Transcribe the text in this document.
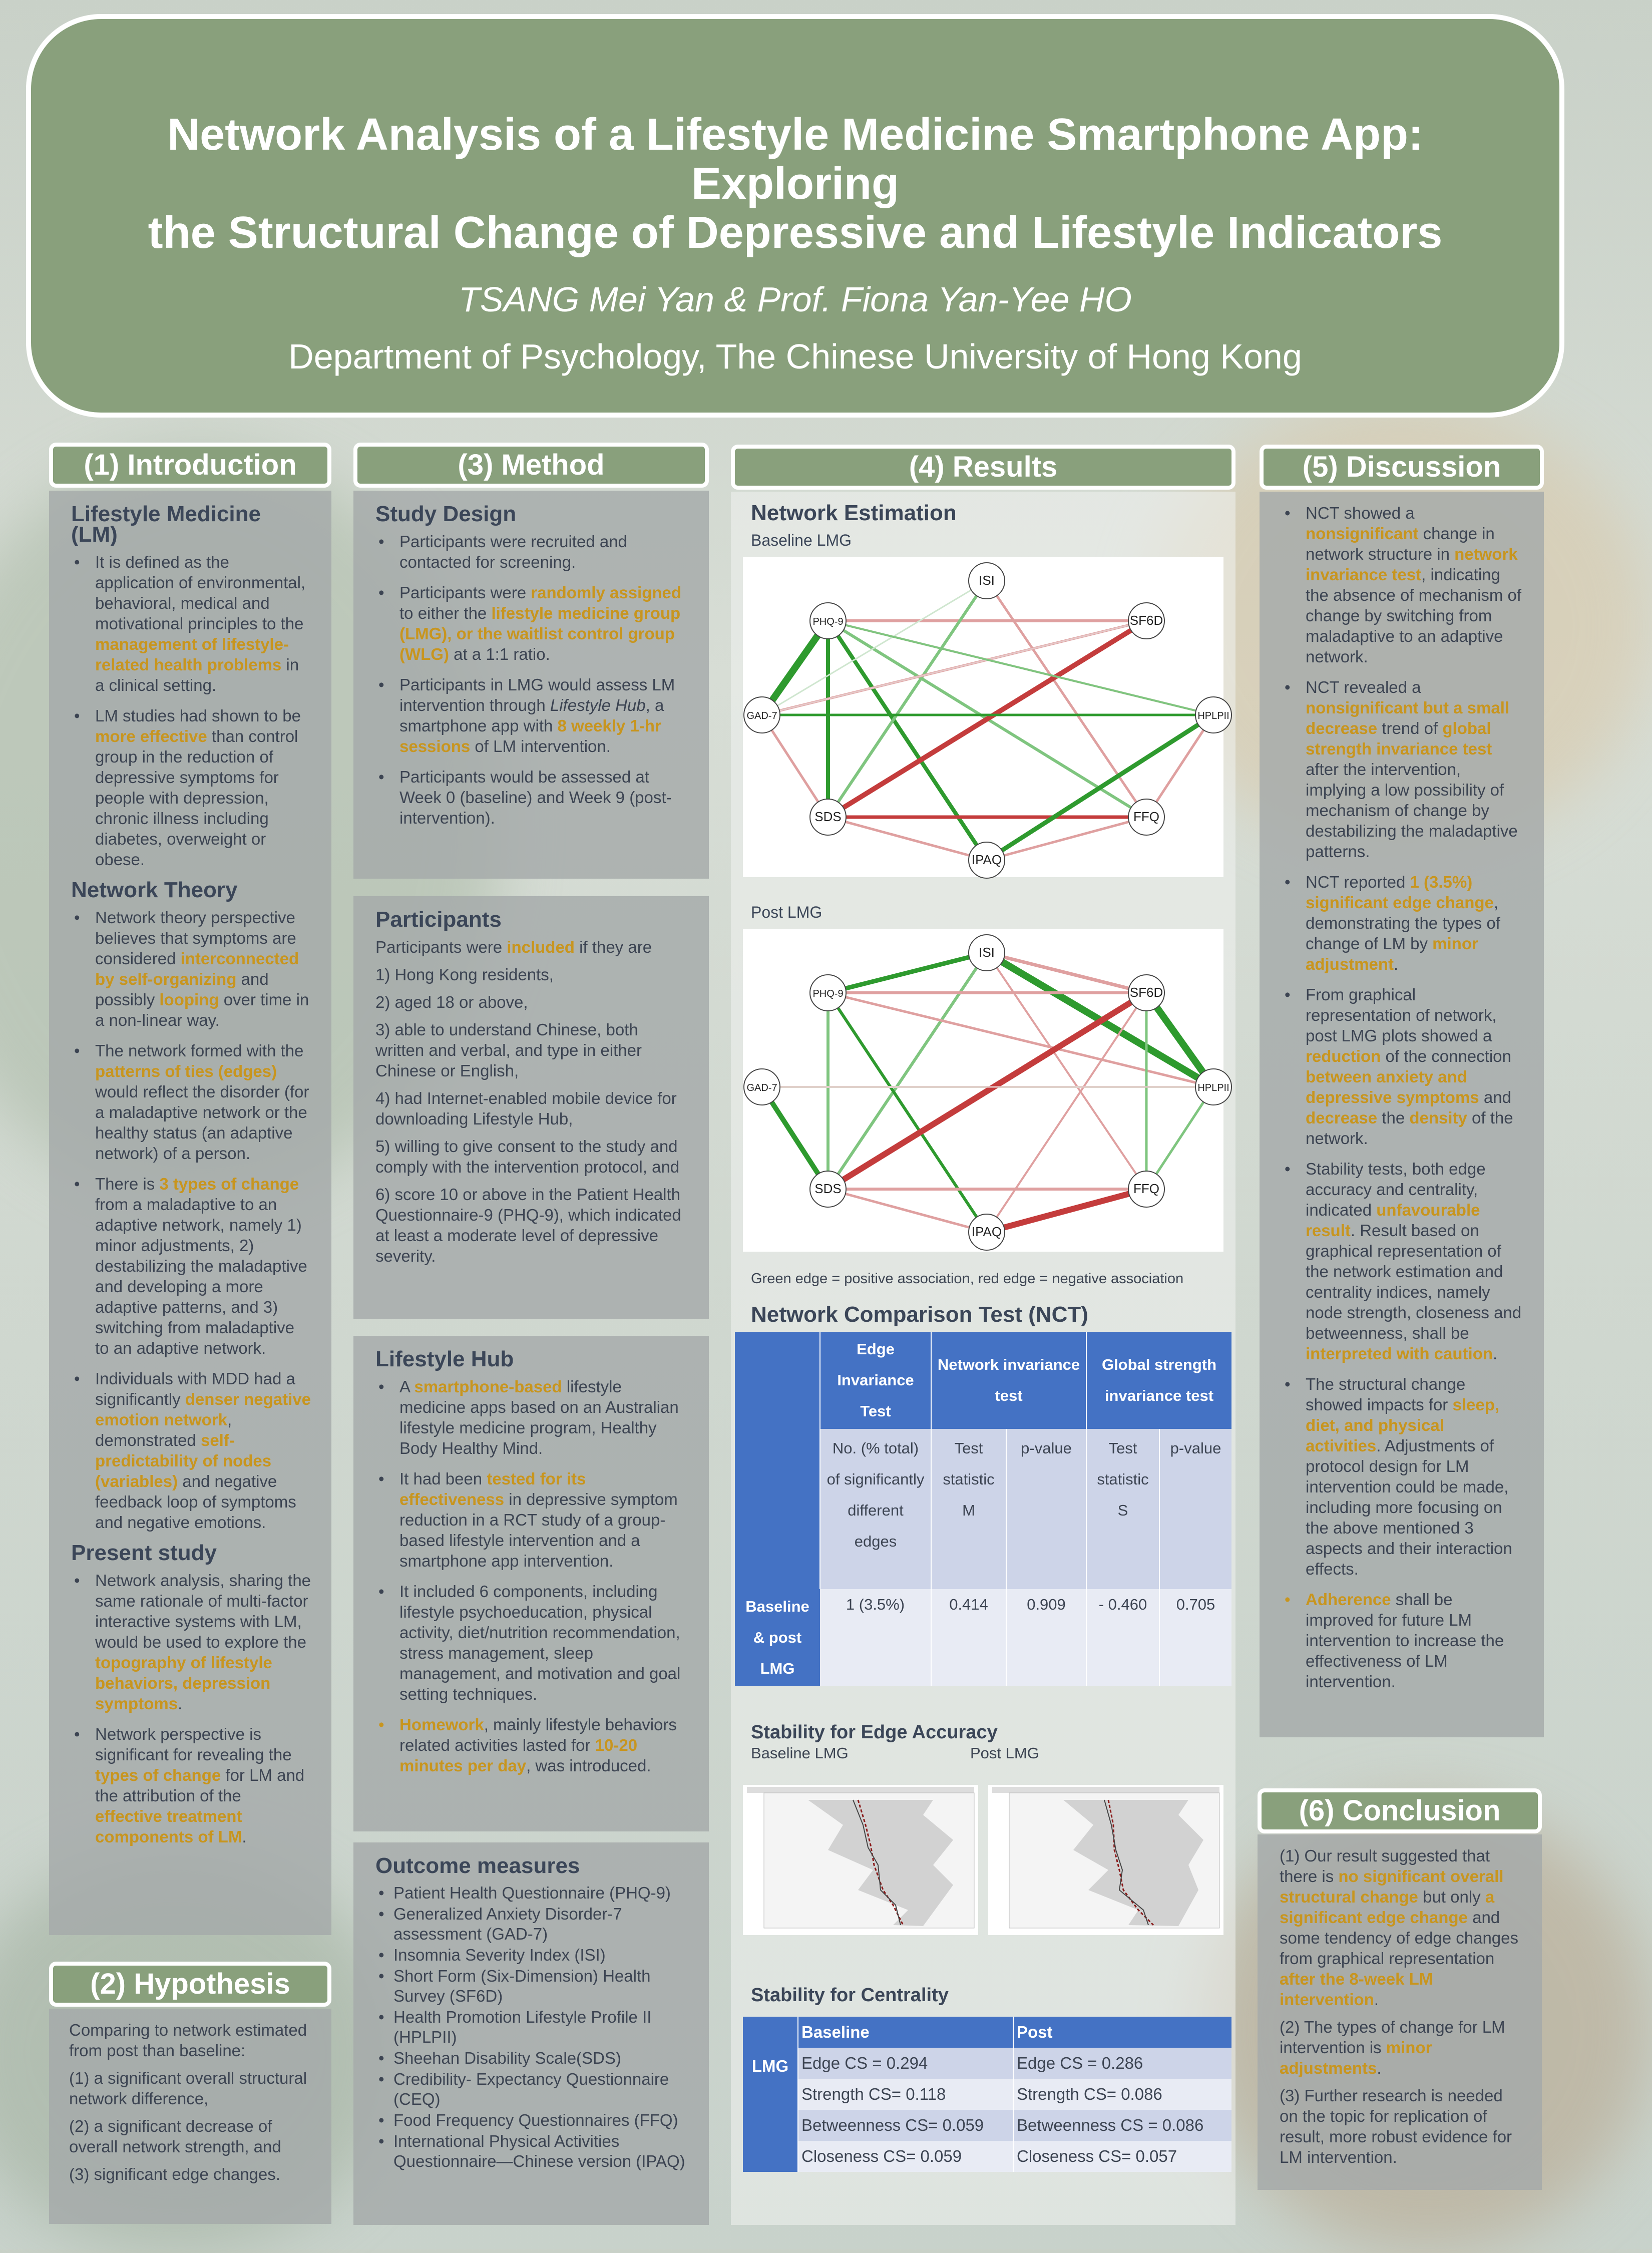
Network Analysis of a Lifestyle Medicine Smartphone App: Exploring
the Structural Change of Depressive and Lifestyle Indicators
TSANG Mei Yan & Prof. Fiona Yan-Yee HO
Department of Psychology, The Chinese University of Hong Kong
(1) Introduction
Lifestyle Medicine (LM)
• It is defined as the application of environmental, behavioral, medical and motivational principles to the management of lifestyle-related health problems in a clinical setting.
• LM studies had shown to be more effective than control group in the reduction of depressive symptoms for people with depression, chronic illness including diabetes, overweight or obese.
Network Theory
• Network theory perspective believes that symptoms are considered interconnected by self-organizing and possibly looping over time in a non-linear way.
• The network formed with the patterns of ties (edges) would reflect the disorder (for a maladaptive network or the healthy status (an adaptive network) of a person.
• There is 3 types of change from a maladaptive to an adaptive network, namely 1) minor adjustments, 2) destabilizing the maladaptive and developing a more adaptive patterns, and 3) switching from maladaptive to an adaptive network.
• Individuals with MDD had a significantly denser negative emotion network, demonstrated self-predictability of nodes (variables) and negative feedback loop of symptoms and negative emotions.
Present study
• Network analysis, sharing the same rationale of multi-factor interactive systems with LM, would be used to explore the topography of lifestyle behaviors, depression symptoms.
• Network perspective is significant for revealing the types of change for LM and the attribution of the effective treatment components of LM.
(2) Hypothesis

Comparing to network estimated from post than baseline:

(1) a significant overall structural network difference,

(2) a significant decrease of overall network strength, and

(3) significant edge changes.

(3) Method
Study Design
• Participants were recruited and contacted for screening.
• Participants were randomly assigned to either the lifestyle medicine group (LMG), or the waitlist control group (WLG) at a 1:1 ratio.
• Participants in LMG would assess LM intervention through Lifestyle Hub, a smartphone app with 8 weekly 1-hr sessions of LM intervention.
• Participants would be assessed at Week 0 (baseline) and Week 9 (post-intervention).
Participants

Participants were included if they are

1) Hong Kong residents,

2) aged 18 or above,

3) able to understand Chinese, both written and verbal, and type in either Chinese or English,

4) had Internet-enabled mobile device for downloading Lifestyle Hub,

5) willing to give consent to the study and comply with the intervention protocol, and

6) score 10 or above in the Patient Health Questionnaire-9 (PHQ-9), which indicated at least a moderate level of depressive severity.

Lifestyle Hub
• A smartphone-based lifestyle medicine apps based on an Australian lifestyle medicine program, Healthy Body Healthy Mind.
• It had been tested for its effectiveness in depressive symptom reduction in a RCT study of a group-based lifestyle intervention and a smartphone app intervention.
• It included 6 components, including lifestyle psychoeducation, physical activity, diet/nutrition recommendation, stress management, sleep management, and motivation and goal setting techniques.
• Homework, mainly lifestyle behaviors related activities lasted for 10-20 minutes per day, was introduced.
Outcome measures
• Patient Health Questionnaire (PHQ-9)
• Generalized Anxiety Disorder-7 assessment (GAD-7)
• Insomnia Severity Index (ISI)
• Short Form (Six-Dimension) Health Survey (SF6D)
• Health Promotion Lifestyle Profile II (HPLPII)
• Sheehan Disability Scale(SDS)
• Credibility- Expectancy Questionnaire (CEQ)
• Food Frequency Questionnaires (FFQ)
• International Physical Activities Questionnaire—Chinese version (IPAQ)
(4) Results
Network Estimation
Baseline LMG
ISI
SF6D
HPLPII
FFQ
IPAQ
SDS
GAD-7
PHQ-9
Post LMG
ISI
SF6D
HPLPII
FFQ
IPAQ
SDS
GAD-7
PHQ-9
Green edge = positive association, red edge = negative association
Network Comparison Test (NCT)
	Edge Invariance Test	Network invariance test		Global strength invariance test	
	No. (% total) of significantly different edges	Test statistic M	p-value	Test statistic S	p-value
Baseline & post LMG	1 (3.5%)	0.414	0.909	- 0.460	0.705
Stability for Edge Accuracy
Baseline LMG	Post LMG
Stability for Centrality
	Baseline	Post
LMG	Edge CS = 0.294	Edge CS = 0.286
	Strength CS= 0.118	Strength CS= 0.086
	Betweenness CS= 0.059	Betweenness CS = 0.086
	Closeness CS= 0.059	Closeness CS= 0.057
(5) Discussion
• NCT showed a nonsignificant change in network structure in network invariance test, indicating the absence of mechanism of change by switching from maladaptive to an adaptive network.
• NCT revealed a nonsignificant but a small decrease trend of global strength invariance test after the intervention, implying a low possibility of mechanism of change by destabilizing the maladaptive patterns.
• NCT reported 1 (3.5%) significant edge change, demonstrating the types of change of LM by minor adjustment.
• From graphical representation of network, post LMG plots showed a reduction of the connection between anxiety and depressive symptoms and decrease the density of the network.
• Stability tests, both edge accuracy and centrality, indicated unfavourable result. Result based on graphical representation of the network estimation and centrality indices, namely node strength, closeness and betweenness, shall be interpreted with caution.
• The structural change showed impacts for sleep, diet, and physical activities. Adjustments of protocol design for LM intervention could be made, including more focusing on the above mentioned 3 aspects and their interaction effects.
• Adherence shall be improved for future LM intervention to increase the effectiveness of LM intervention.
(6) Conclusion

(1) Our result suggested that there is no significant overall structural change but only a significant edge change and some tendency of edge changes from graphical representation after the 8-week LM intervention.

(2) The types of change for LM intervention is minor adjustments.

(3) Further research is needed on the topic for replication of result, more robust evidence for LM intervention.
